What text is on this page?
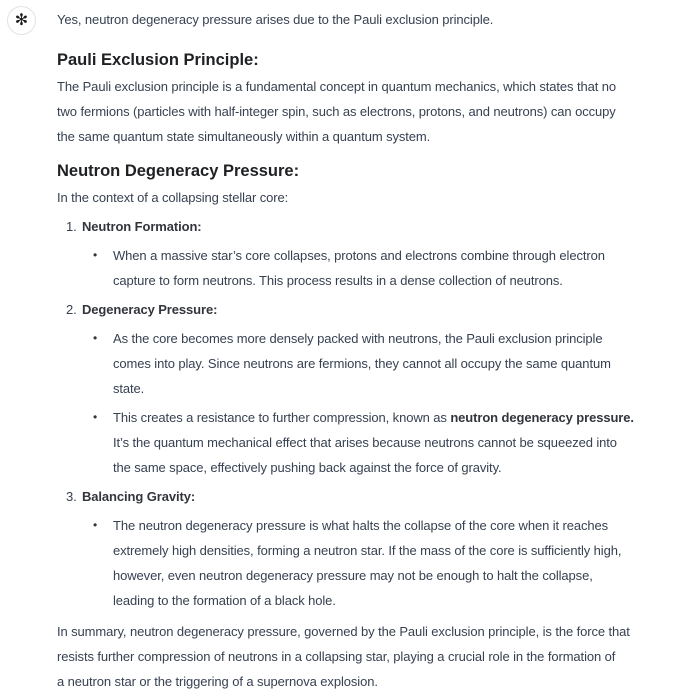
✻ Yes, neutron degeneracy pressure arises due to the Pauli exclusion principle.
Pauli Exclusion Principle:
The Pauli exclusion principle is a fundamental concept in quantum mechanics, which states that no
two fermions (particles with half-integer spin, such as electrons, protons, and neutrons) can occupy
the same quantum state simultaneously within a quantum system.
Neutron Degeneracy Pressure:
In the context of a collapsing stellar core:
1. Neutron Formation:
•	When a massive star’s core collapses, protons and electrons combine through electron
capture to form neutrons. This process results in a dense collection of neutrons.
2. Degeneracy Pressure:
•	As the core becomes more densely packed with neutrons, the Pauli exclusion principle
comes into play. Since neutrons are fermions, they cannot all occupy the same quantum
state.
•	This creates a resistance to further compression, known as neutron degeneracy pressure.
It’s the quantum mechanical effect that arises because neutrons cannot be squeezed into
the same space, effectively pushing back against the force of gravity.
3. Balancing Gravity:
•	The neutron degeneracy pressure is what halts the collapse of the core when it reaches
extremely high densities, forming a neutron star. If the mass of the core is sufficiently high,
however, even neutron degeneracy pressure may not be enough to halt the collapse,
leading to the formation of a black hole.
In summary, neutron degeneracy pressure, governed by the Pauli exclusion principle, is the force that
resists further compression of neutrons in a collapsing star, playing a crucial role in the formation of
a neutron star or the triggering of a supernova explosion.
